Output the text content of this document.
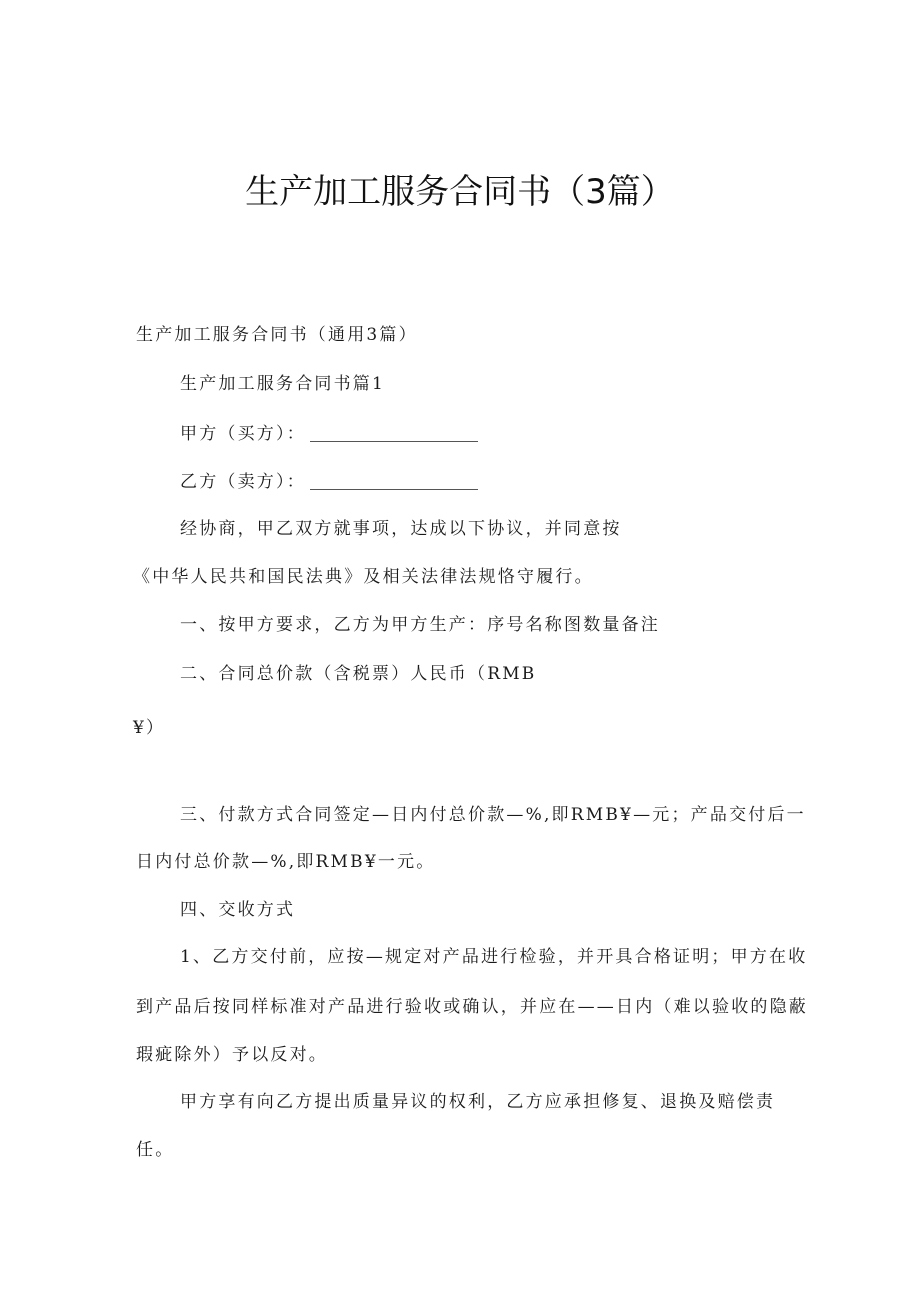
生产加工服务合同书（3篇）
生产加工服务合同书（通用3篇）
生产加工服务合同书篇1
甲方（买方）：
乙方（卖方）：
经协商，甲乙双方就事项，达成以下协议，并同意按
《中华人民共和国民法典》及相关法律法规恪守履行。
一、按甲方要求，乙方为甲方生产：序号名称图数量备注
二、合同总价款（含税票）人民币（RMB
¥）
三、付款方式合同签定—日内付总价款—%,即RMB¥—元；产品交付后一
日内付总价款—%,即RMB¥一元。
四、交收方式
1、乙方交付前，应按—规定对产品进行检验，并开具合格证明；甲方在收
到产品后按同样标准对产品进行验收或确认，并应在——日内（难以验收的隐蔽
瑕疵除外）予以反对。
甲方享有向乙方提出质量异议的权利，乙方应承担修复、退换及赔偿责
任。
